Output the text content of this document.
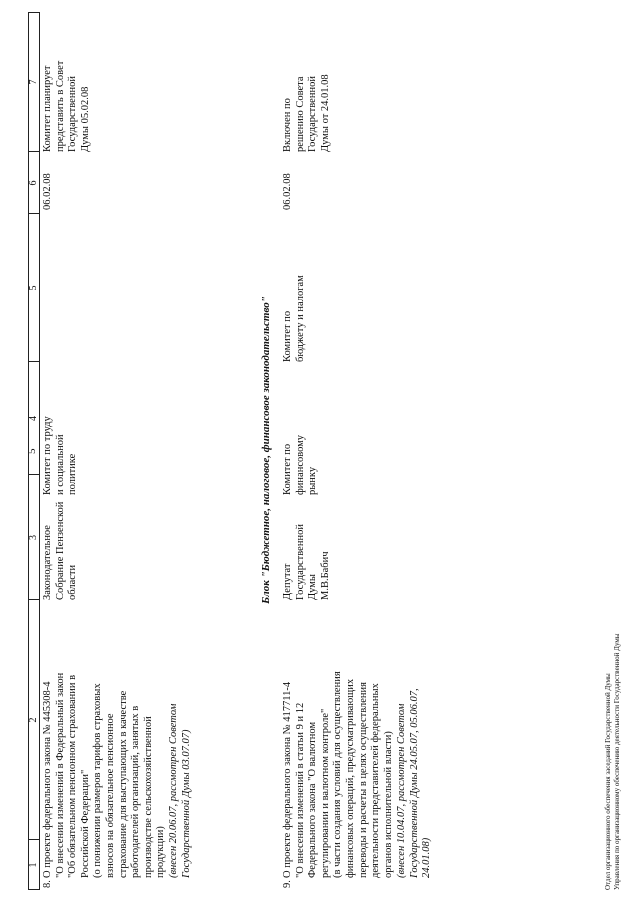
5
1
2
3
4
5
6
7
8.
О проекте федерального закона № 445308-4
"О внесении изменений в Федеральный закон
"Об обязательном пенсионном страховании в
Российской Федерации"
(о понижении размеров тарифов страховых
взносов на обязательное пенсионное
страхование для выступающих в качестве
работодателей организаций, занятых в
производстве сельскохозяйственной
продукции) (внесен 20.06.07, рассмотрен Советом
Государственной Думы 03.07.07)
Законодательное
Собрание Пензенской
области
Комитет по труду
и социальной
политике
06.02.08
Комитет планирует
представить в Совет
Государственной
Думы 05.02.08
Блок "Бюджетное, налоговое, финансовое законодательство"
9.
О проекте федерального закона № 417711-4
"О внесении изменений в статьи 9 и 12
Федерального закона "О валютном
регулировании и валютном контроле"
(в части создания условий для осуществления
финансовых операций, предусматривающих
переводы и расчеты в целях осуществления
деятельности представителей федеральных
органов исполнительной власти)
(внесен 10.04.07, рассмотрен Советом
Государственной Думы 24.05.07, 05.06.07,
24.01.08)
Депутат
Государственной
Думы
М.В.Бабич
Комитет по
финансовому
рынку
Комитет по
бюджету и налогам
06.02.08
Включен по
решению Совета
Государственной
Думы от 24.01.08
Отдел организационного обеспечения заседаний Государственной Думы Управления по организационному обеспечению деятельности Государственной Думы
